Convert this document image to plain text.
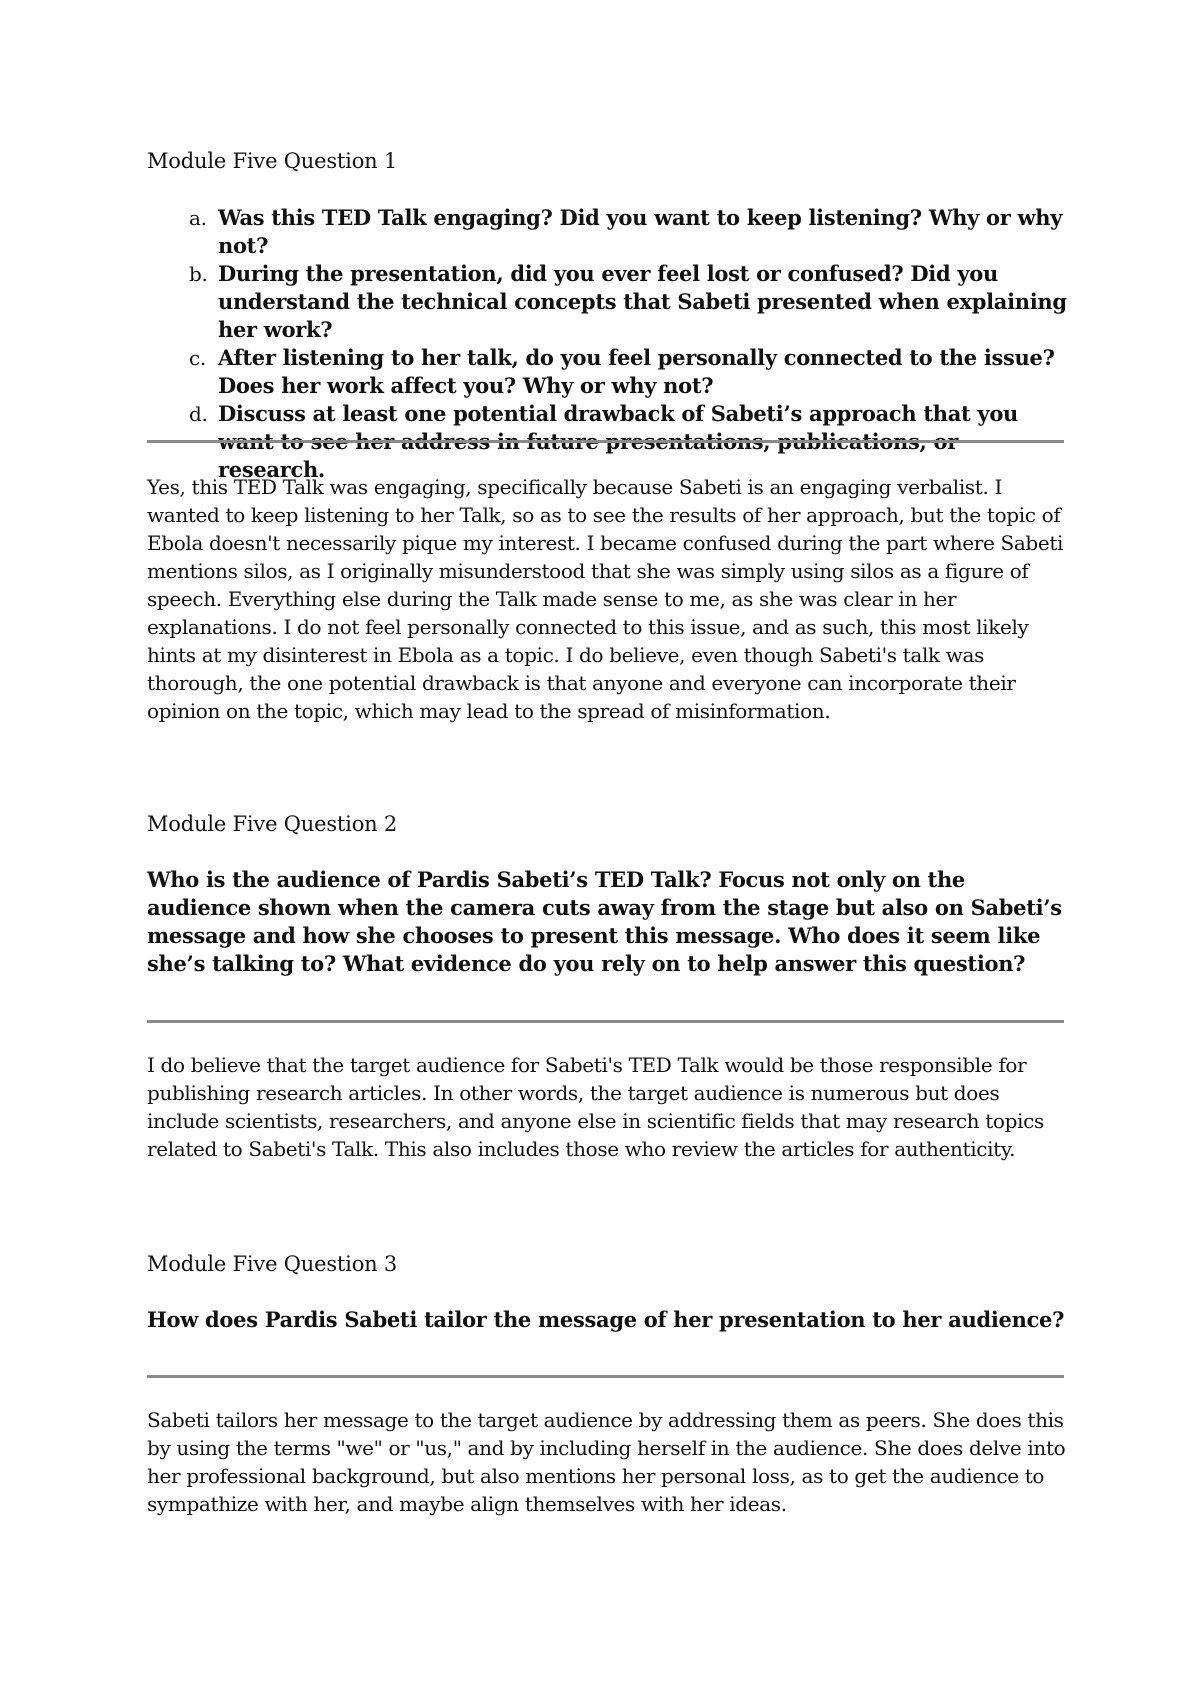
Module Five Question 1
a. Was this TED Talk engaging? Did you want to keep listening? Why or why not?
b. During the presentation, did you ever feel lost or confused? Did you understand the technical concepts that Sabeti presented when explaining her work?
c. After listening to her talk, do you feel personally connected to the issue? Does her work affect you? Why or why not?
d. Discuss at least one potential drawback of Sabeti’s approach that you want to see her address in future presentations, publications, or research.

Yes, this TED Talk was engaging, specifically because Sabeti is an engaging verbalist. I wanted to keep listening to her Talk, so as to see the results of her approach, but the topic of Ebola doesn't necessarily pique my interest. I became confused during the part where Sabeti mentions silos, as I originally misunderstood that she was simply using silos as a figure of speech. Everything else during the Talk made sense to me, as she was clear in her explanations. I do not feel personally connected to this issue, and as such, this most likely hints at my disinterest in Ebola as a topic. I do believe, even though Sabeti's talk was thorough, the one potential drawback is that anyone and everyone can incorporate their opinion on the topic, which may lead to the spread of misinformation.

Module Five Question 2

Who is the audience of Pardis Sabeti’s TED Talk? Focus not only on the audience shown when the camera cuts away from the stage but also on Sabeti’s message and how she chooses to present this message. Who does it seem like she’s talking to? What evidence do you rely on to help answer this question?

I do believe that the target audience for Sabeti's TED Talk would be those responsible for publishing research articles. In other words, the target audience is numerous but does include scientists, researchers, and anyone else in scientific fields that may research topics related to Sabeti's Talk. This also includes those who review the articles for authenticity.

Module Five Question 3

How does Pardis Sabeti tailor the message of her presentation to her audience?

Sabeti tailors her message to the target audience by addressing them as peers. She does this by using the terms "we" or "us," and by including herself in the audience. She does delve into her professional background, but also mentions her personal loss, as to get the audience to sympathize with her, and maybe align themselves with her ideas.
